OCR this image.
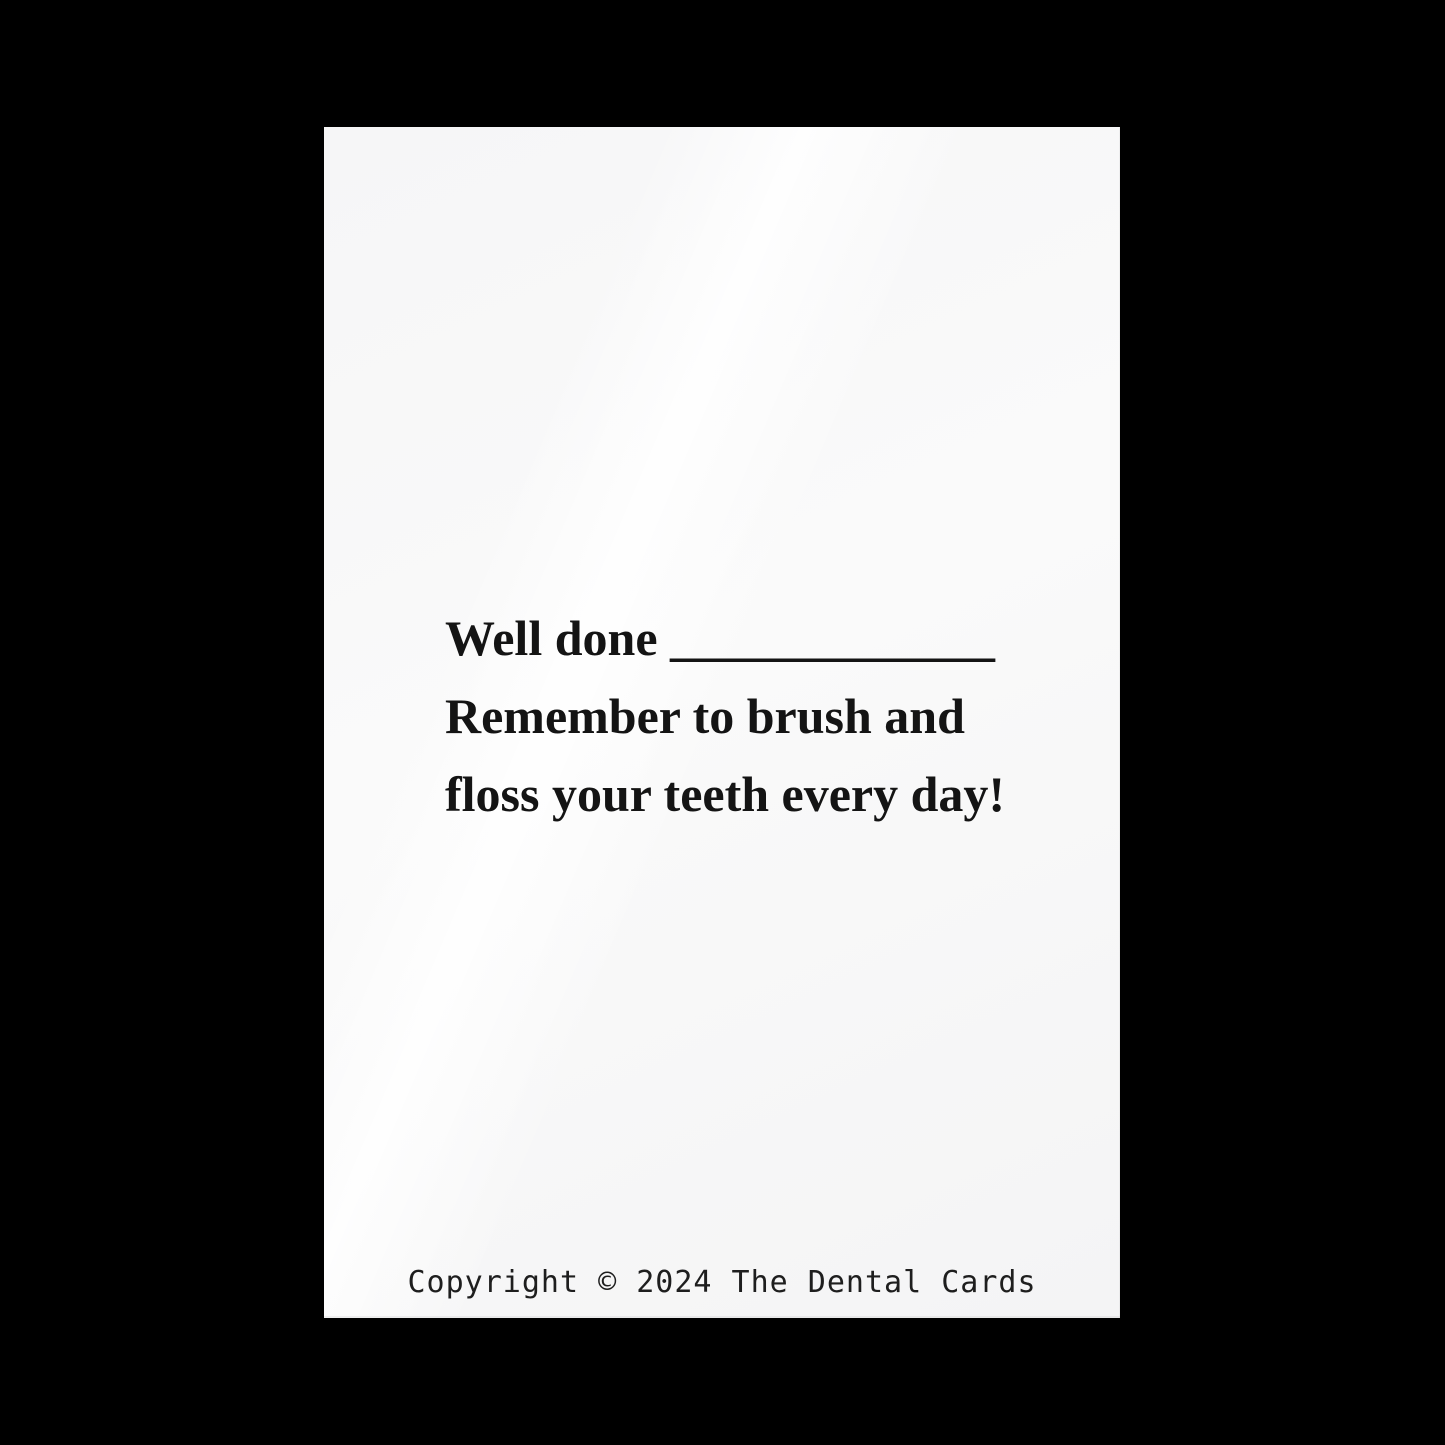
Well done _____________

Remember to brush and

floss your teeth every day!

Copyright © 2024 The Dental Cards
